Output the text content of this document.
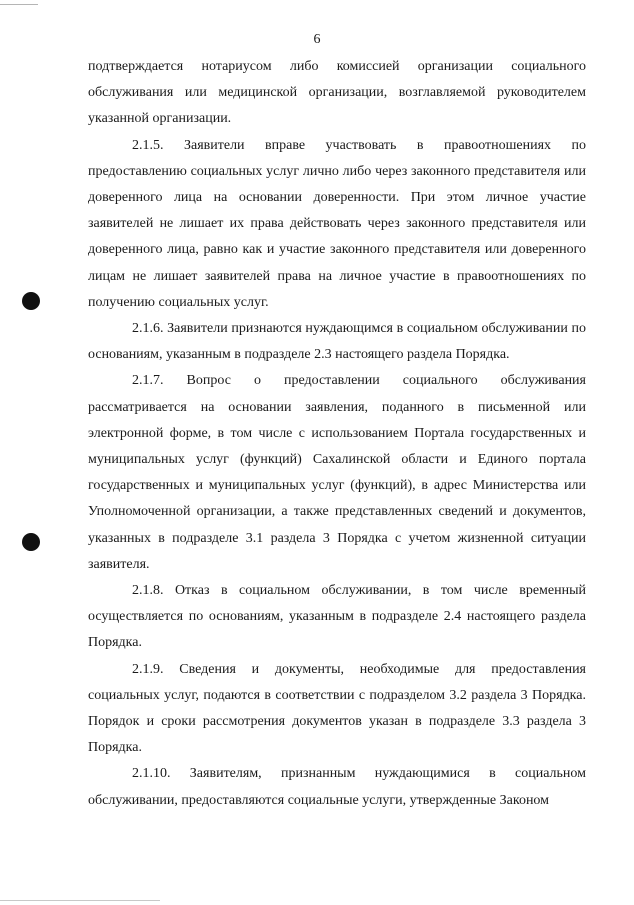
6

подтверждается нотариусом либо комиссией организации социального обслуживания или медицинской организации, возглавляемой руководителем указанной организации.

2.1.5. Заявители вправе участвовать в правоотношениях по предоставлению социальных услуг лично либо через законного представителя или доверенного лица на основании доверенности. При этом личное участие заявителей не лишает их права действовать через законного представителя или доверенного лица, равно как и участие законного представителя или доверенного лицам не лишает заявителей права на личное участие в правоотношениях по получению социальных услуг.

2.1.6. Заявители признаются нуждающимся в социальном обслуживании по основаниям, указанным в подразделе 2.3 настоящего раздела Порядка.

2.1.7. Вопрос о предоставлении социального обслуживания рассматривается на основании заявления, поданного в письменной или электронной форме, в том числе с использованием Портала государственных и муниципальных услуг (функций) Сахалинской области и Единого портала государственных и муниципальных услуг (функций), в адрес Министерства или Уполномоченной организации, а также представленных сведений и документов, указанных в подразделе 3.1 раздела 3 Порядка с учетом жизненной ситуации заявителя.

2.1.8. Отказ в социальном обслуживании, в том числе временный осуществляется по основаниям, указанным в подразделе 2.4 настоящего раздела Порядка.

2.1.9. Сведения и документы, необходимые для предоставления социальных услуг, подаются в соответствии с подразделом 3.2 раздела 3 Порядка. Порядок и сроки рассмотрения документов указан в подразделе 3.3 раздела 3 Порядка.

2.1.10. Заявителям, признанным нуждающимися в социальном обслуживании, предоставляются социальные услуги, утвержденные Законом
